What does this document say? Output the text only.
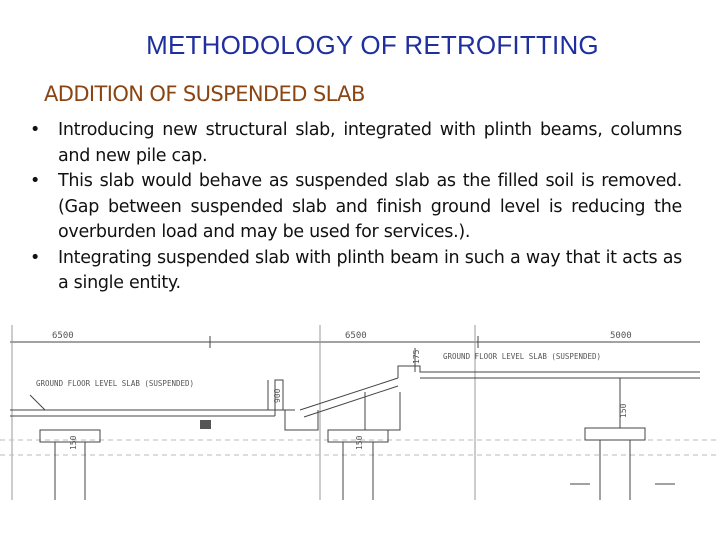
METHODOLOGY OF RETROFITTING
ADDITION OF SUSPENDED SLAB
• Introducing new structural slab, integrated with plinth beams, columns and new pile cap.
• This slab would behave as suspended slab as the filled soil is removed. (Gap between suspended slab and finish ground level is reducing the overburden load and may be used for services.).
• Integrating suspended slab with plinth beam in such a way that it acts as a single entity.
6500	6500	5000
GROUND FLOOR LEVEL SLAB (SUSPENDED)
GROUND FLOOR LEVEL SLAB (SUSPENDED)
175
900
150	150
150
